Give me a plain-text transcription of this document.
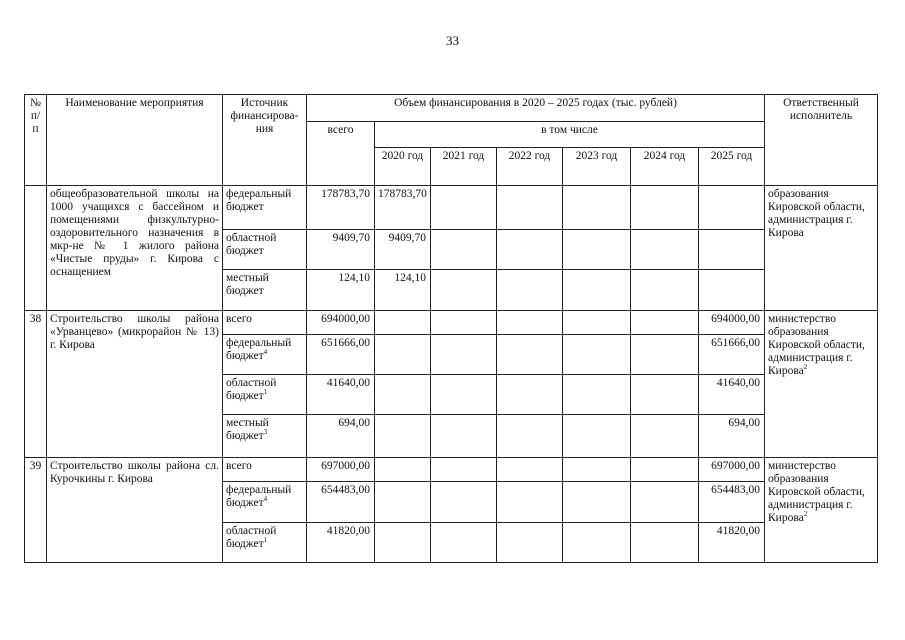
33
№ п/п	Наименование мероприятия	Источник финансирова-ния	Объем финансирования в 2020 – 2025 годах (тыс. рублей)							Ответственный исполнитель
			всего	в том числе						
				2020 год	2021 год	2022 год	2023 год	2024 год	2025 год	
	общеобразовательной школы на 1000 учащихся с бассейном и помещениями физкультурно-оздоровительного назначения в мкр-не № 1 жилого района «Чистые пруды» г. Кирова с оснащением	федеральный бюджет	178783,70	178783,70						образования Кировской области, администрация г. Кирова
		областной бюджет	9409,70	9409,70						
		местный бюджет	124,10	124,10						
38	Строительство школы района «Урванцево» (микрорайон № 13) г. Кирова	всего	694000,00						694000,00	министерство образования Кировской области, администрация г. Кирова$^2$
		федеральный бюджет$^4$	651666,00						651666,00	
		областной бюджет$^1$	41640,00						41640,00	
		местный бюджет$^3$	694,00						694,00	
39	Строительство школы района сл. Курочкины г. Кирова	всего	697000,00						697000,00	министерство образования Кировской области, администрация г. Кирова$^2$
		федеральный бюджет$^4$	654483,00						654483,00	
		областной бюджет$^1$	41820,00						41820,00	
